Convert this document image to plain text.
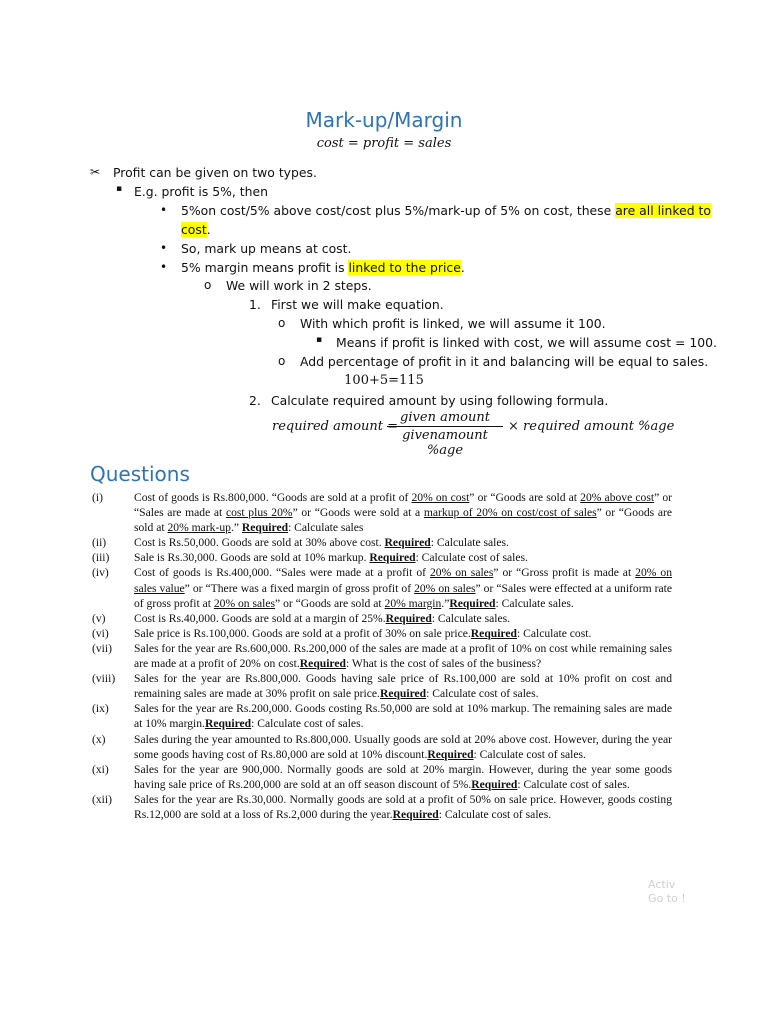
Mark-up/Margin
cost = profit = sales
✂ Profit can be given on two types.
▪ E.g. profit is 5%, then
• 5%on cost/5% above cost/cost plus 5%/mark-up of 5% on cost, these are all linked to
cost.
• So, mark up means at cost.
• 5% margin means profit is linked to the price.
o We will work in 2 steps.
1. First we will make equation.
o With which profit is linked, we will assume it 100.
▪ Means if profit is linked with cost, we will assume cost = 100.
o Add percentage of profit in it and balancing will be equal to sales.
100+5=115
2. Calculate required amount by using following formula.
required amount =
given amount
givenamount %age
× required amount %age
Questions
(i)	Cost of goods is Rs.800,000. “Goods are sold at a profit of 20% on cost” or “Goods are sold at 20% above cost” or “Sales are made at cost plus 20%” or “Goods were sold at a markup of 20% on cost/cost of sales” or “Goods are sold at 20% mark-up.” Required: Calculate sales
(ii)	Cost is Rs.50,000. Goods are sold at 30% above cost. Required: Calculate sales.
(iii)	Sale is Rs.30,000. Goods are sold at 10% markup. Required: Calculate cost of sales.
(iv)	Cost of goods is Rs.400,000. “Sales were made at a profit of 20% on sales” or “Gross profit is made at 20% on sales value” or “There was a fixed margin of gross profit of 20% on sales” or “Sales were effected at a uniform rate of gross profit at 20% on sales” or “Goods are sold at 20% margin.”Required: Calculate sales.
(v)	Cost is Rs.40,000. Goods are sold at a margin of 25%.Required: Calculate sales.
(vi)	Sale price is Rs.100,000. Goods are sold at a profit of 30% on sale price.Required: Calculate cost.
(vii)	Sales for the year are Rs.600,000. Rs.200,000 of the sales are made at a profit of 10% on cost while remaining sales are made at a profit of 20% on cost.Required: What is the cost of sales of the business?
(viii)	Sales for the year are Rs.800,000. Goods having sale price of Rs.100,000 are sold at 10% profit on cost and remaining sales are made at 30% profit on sale price.Required: Calculate cost of sales.
(ix)	Sales for the year are Rs.200,000. Goods costing Rs.50,000 are sold at 10% markup. The remaining sales are made at 10% margin.Required: Calculate cost of sales.
(x)	Sales during the year amounted to Rs.800,000. Usually goods are sold at 20% above cost. However, during the year some goods having cost of Rs.80,000 are sold at 10% discount.Required: Calculate cost of sales.
(xi)	Sales for the year are 900,000. Normally goods are sold at 20% margin. However, during the year some goods having sale price of Rs.200,000 are sold at an off season discount of 5%.Required: Calculate cost of sales.
(xii)	Sales for the year are Rs.30,000. Normally goods are sold at a profit of 50% on sale price. However, goods costing Rs.12,000 are sold at a loss of Rs.2,000 during the year.Required: Calculate cost of sales.
Activ
Go to !
